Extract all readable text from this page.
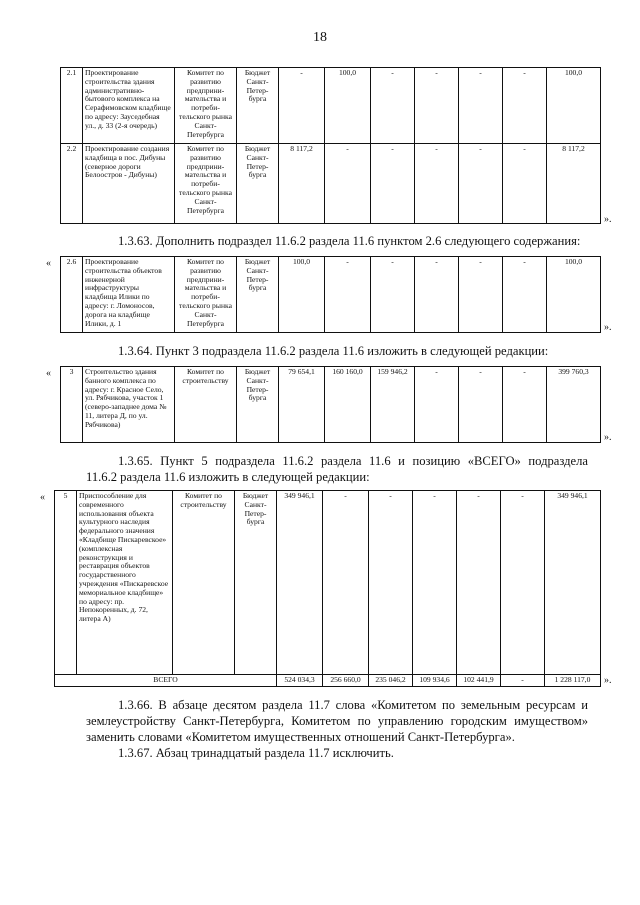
18
2.1	Проектирование строительства здания административно-бытового комплекса на Серафимовском кладбище по адресу: Зауседебная ул., д. 33 (2-я очередь)	Комитет по развитию предприни-мательства и потреби-тельского рынка Санкт-Петербурга	Бюджет Санкт-Петер-бурга	-	100,0	-	-	-	-	100,0
2.2	Проектирование создания кладбища в пос. Дибуны (северное дороги Белоостров - Дибуны)	Комитет по развитию предприни-мательства и потреби-тельского рынка Санкт-Петербурга	Бюджет Санкт-Петер-бурга	8 117,2	-	-	-	-	-	8 117,2
».

1.3.63. Дополнить подраздел 11.6.2 раздела 11.6 пунктом 2.6 следующего содержания:

« 2.6	Проектирование строительства объектов инженерной инфраструктуры кладбища Илики по адресу: г. Ломоносов, дорога на кладбище Илики, д. 1	Комитет по развитию предприни-мательства и потреби-тельского рынка Санкт-Петербурга	Бюджет Санкт-Петер-бурга	100,0	-	-	-	-	-	100,0
».

1.3.64. Пункт 3 подраздела 11.6.2 раздела 11.6 изложить в следующей редакции:

« 3	Строительство здания банного комплекса по адресу: г. Красное Село, ул. Рябчикова, участок 1 (северо-западнее дома № 11, литера Д, по ул. Рябчикова)	Комитет по строительству	Бюджет Санкт-Петер-бурга	79 654,1	160 160,0	159 946,2	-	-	-	399 760,3
».

1.3.65. Пункт 5 подраздела 11.6.2 раздела 11.6 и позицию «ВСЕГО» подраздела

11.6.2 раздела 11.6 изложить в следующей редакции:

« 5	Приспособление для современного использования объекта культурного наследия федерального значения «Кладбище Пискаревское» (комплексная реконструкция и реставрация объектов государственного учреждения «Пискаревское мемориальное кладбище» по адресу: пр. Непокоренных, д. 72, литера А)	Комитет по строительству	Бюджет Санкт-Петер-бурга	349 946,1	-	-	-	-	-	349 946,1
ВСЕГО				524 034,3	256 660,0	235 046,2	109 934,6	102 441,9	-	1 228 117,0 ».

1.3.66. В абзаце десятом раздела 11.7 слова «Комитетом по земельным ресурсам и землеустройству Санкт-Петербурга, Комитетом по управлению городским имуществом» заменить словами «Комитетом имущественных отношений Санкт-Петербурга».

1.3.67. Абзац тринадцатый раздела 11.7 исключить.
